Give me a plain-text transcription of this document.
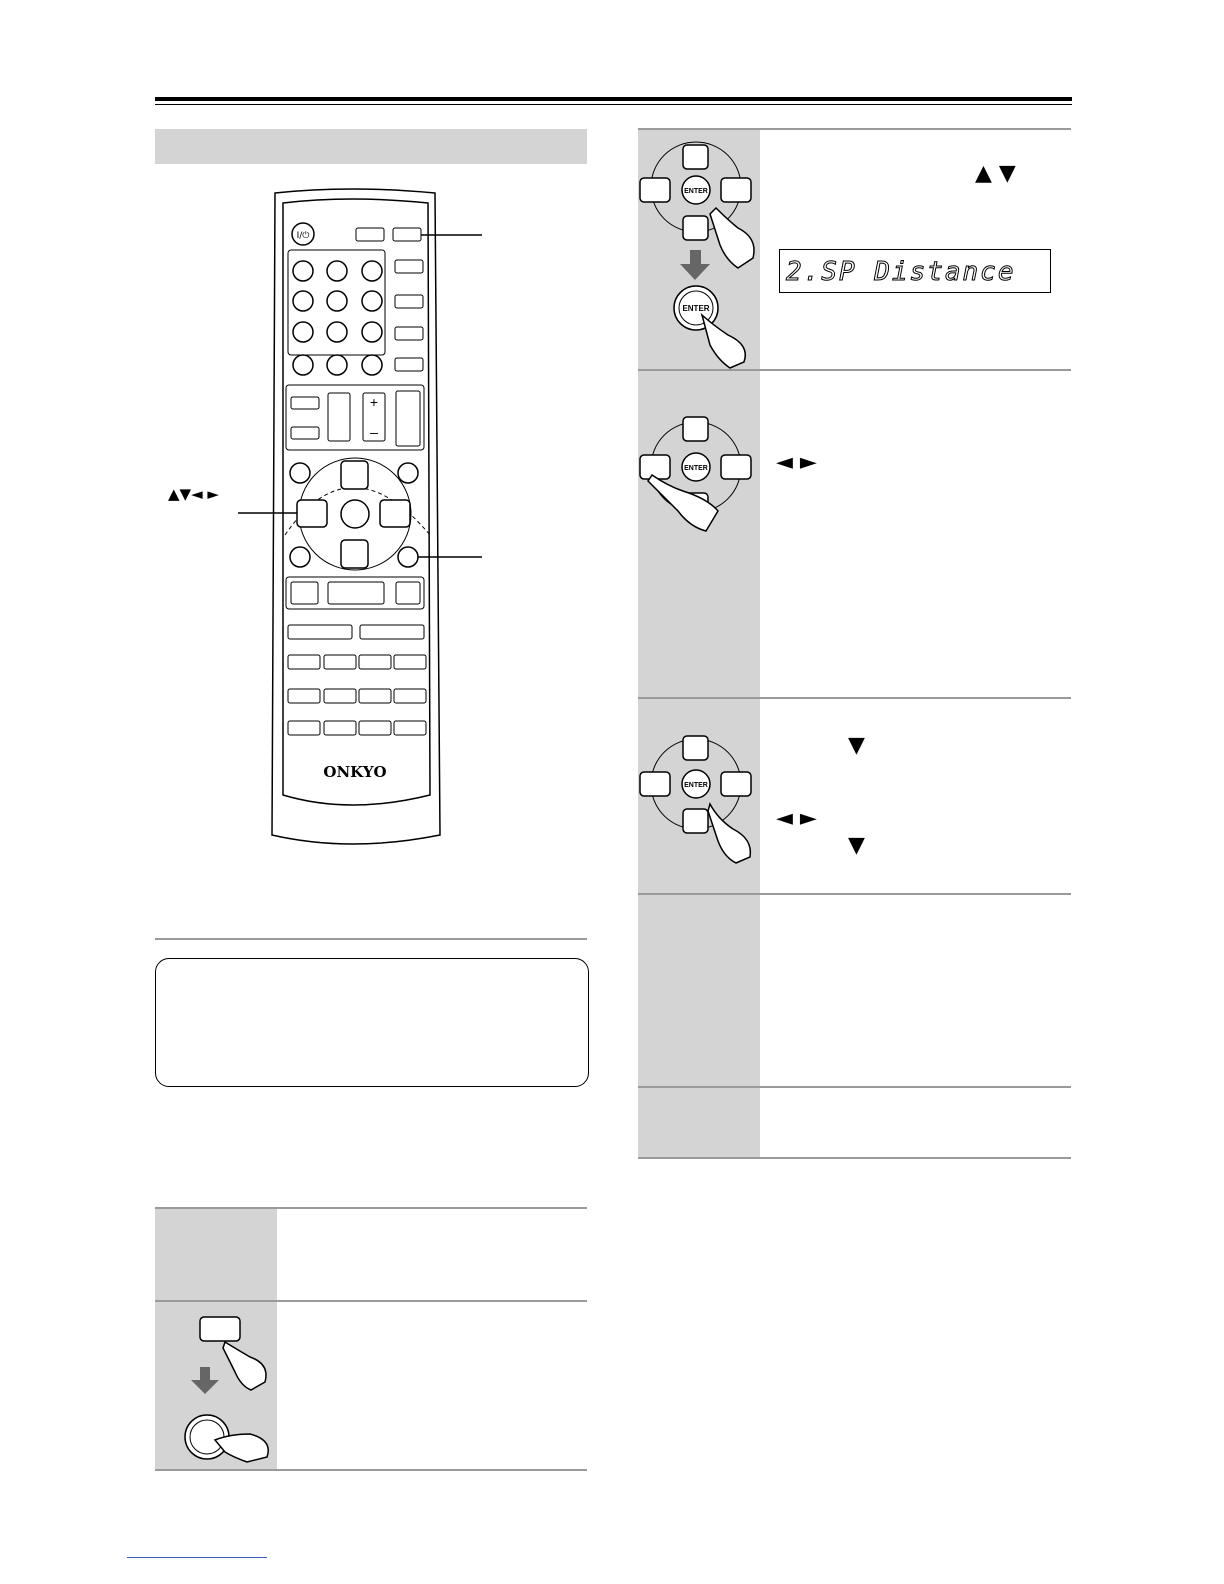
I/⏻
+
–
ONKYO
▲▼◄ ►
ENTER
ENTER
▲ ▼
2.SP Distance
ENTER	◄ ►
ENTER
▼
◄ ►
▼
